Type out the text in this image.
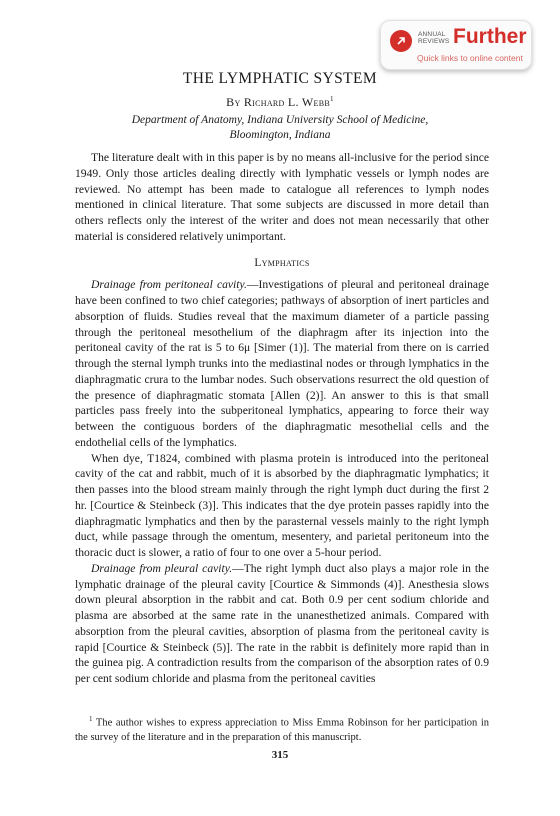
ANNUAL
REVIEWS Further
Quick links to online content
THE LYMPHATIC SYSTEM
By Richard L. Webb$^1$
Department of Anatomy, Indiana University School of Medicine,
Bloomington, Indiana

The literature dealt with in this paper is by no means all-inclusive for the period since 1949. Only those articles dealing directly with lymphatic vessels or lymph nodes are reviewed. No attempt has been made to catalogue all references to lymph nodes mentioned in clinical literature. That some subjects are discussed in more detail than others reflects only the interest of the writer and does not mean necessarily that other material is considered relatively unimportant.

Lymphatics

Drainage from peritoneal cavity.—Investigations of pleural and peritoneal drainage have been confined to two chief categories; pathways of absorption of inert particles and absorption of fluids. Studies reveal that the maximum diameter of a particle passing through the peritoneal mesothelium of the diaphragm after its injection into the peritoneal cavity of the rat is 5 to 6μ [Simer (1)]. The material from there on is carried through the sternal lymph trunks into the mediastinal nodes or through lymphatics in the diaphragmatic crura to the lumbar nodes. Such observations resurrect the old question of the presence of diaphragmatic stomata [Allen (2)]. An answer to this is that small particles pass freely into the subperitoneal lymphatics, appearing to force their way between the contiguous borders of the diaphragmatic mesothelial cells and the endothelial cells of the lymphatics.

When dye, T1824, combined with plasma protein is introduced into the peritoneal cavity of the cat and rabbit, much of it is absorbed by the diaphragmatic lymphatics; it then passes into the blood stream mainly through the right lymph duct during the first 2 hr. [Courtice & Steinbeck (3)]. This indicates that the dye protein passes rapidly into the diaphragmatic lymphatics and then by the parasternal vessels mainly to the right lymph duct, while passage through the omentum, mesentery, and parietal peritoneum into the thoracic duct is slower, a ratio of four to one over a 5-hour period.

Drainage from pleural cavity.—The right lymph duct also plays a major role in the lymphatic drainage of the pleural cavity [Courtice & Simmonds (4)]. Anesthesia slows down pleural absorption in the rabbit and cat. Both 0.9 per cent sodium chloride and plasma are absorbed at the same rate in the unanesthetized animals. Compared with absorption from the pleural cavities, absorption of plasma from the peritoneal cavity is rapid [Courtice & Steinbeck (5)]. The rate in the rabbit is definitely more rapid than in the guinea pig. A contradiction results from the comparison of the absorption rates of 0.9 per cent sodium chloride and plasma from the peritoneal cavities

$^1$ The author wishes to express appreciation to Miss Emma Robinson for her participation in the survey of the literature and in the preparation of this manuscript.
315
